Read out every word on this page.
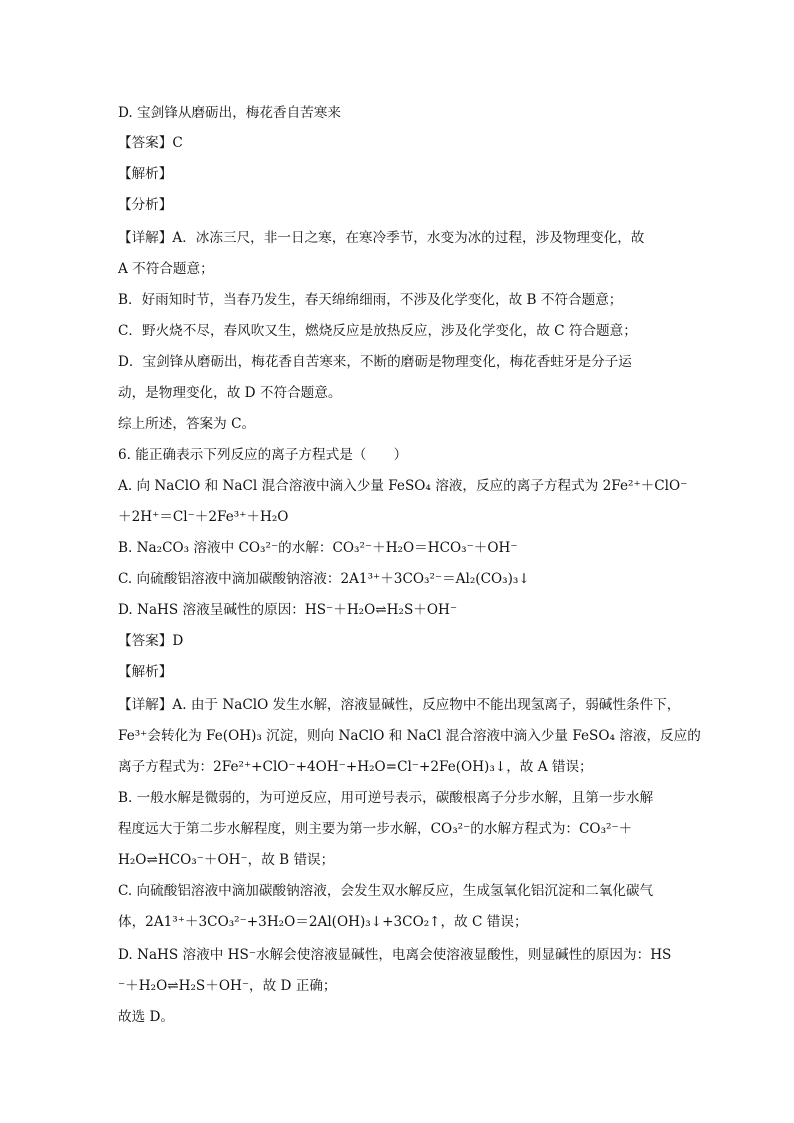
D. 宝剑锋从磨砺出，梅花香自苦寒来
【答案】C
【解析】
【分析】
【详解】A．冰冻三尺，非一日之寒，在寒冷季节，水变为冰的过程，涉及物理变化，故
A 不符合题意；
B．好雨知时节，当春乃发生，春天绵绵细雨，不涉及化学变化，故 B 不符合题意；
C．野火烧不尽，春风吹又生，燃烧反应是放热反应，涉及化学变化，故 C 符合题意；
D．宝剑锋从磨砺出，梅花香自苦寒来，不断的磨砺是物理变化，梅花香蛀牙是分子运
动，是物理变化，故 D 不符合题意。
综上所述，答案为 C。
6. 能正确表示下列反应的离子方程式是（　　）
A. 向 NaClO 和 NaCl 混合溶液中滴入少量 FeSO₄ 溶液，反应的离子方程式为 2Fe²⁺＋ClO⁻
＋2H⁺＝Cl⁻＋2Fe³⁺＋H₂O
B. Na₂CO₃ 溶液中 CO₃²⁻的水解：CO₃²⁻＋H₂O＝HCO₃⁻＋OH⁻
C. 向硫酸铝溶液中滴加碳酸钠溶液：2A1³⁺＋3CO₃²⁻＝Al₂(CO₃)₃↓
D. NaHS 溶液呈碱性的原因：HS⁻＋H₂O⇌H₂S＋OH⁻
【答案】D
【解析】
【详解】A. 由于 NaClO 发生水解，溶液显碱性，反应物中不能出现氢离子，弱碱性条件下，
Fe³⁺会转化为 Fe(OH)₃ 沉淀，则向 NaClO 和 NaCl 混合溶液中滴入少量 FeSO₄ 溶液，反应的
离子方程式为：2Fe²⁺+ClO⁻+4OH⁻+H₂O=Cl⁻+2Fe(OH)₃↓，故 A 错误；
B. 一般水解是微弱的，为可逆反应，用可逆号表示，碳酸根离子分步水解，且第一步水解
程度远大于第二步水解程度，则主要为第一步水解，CO₃²⁻的水解方程式为：CO₃²⁻＋
H₂O⇌HCO₃⁻＋OH⁻，故 B 错误；
C. 向硫酸铝溶液中滴加碳酸钠溶液，会发生双水解反应，生成氢氧化铝沉淀和二氧化碳气
体，2A1³⁺＋3CO₃²⁻+3H₂O＝2Al(OH)₃↓+3CO₂↑，故 C 错误；
D. NaHS 溶液中 HS⁻水解会使溶液显碱性，电离会使溶液显酸性，则显碱性的原因为：HS
⁻＋H₂O⇌H₂S＋OH⁻，故 D 正确；
故选 D。
